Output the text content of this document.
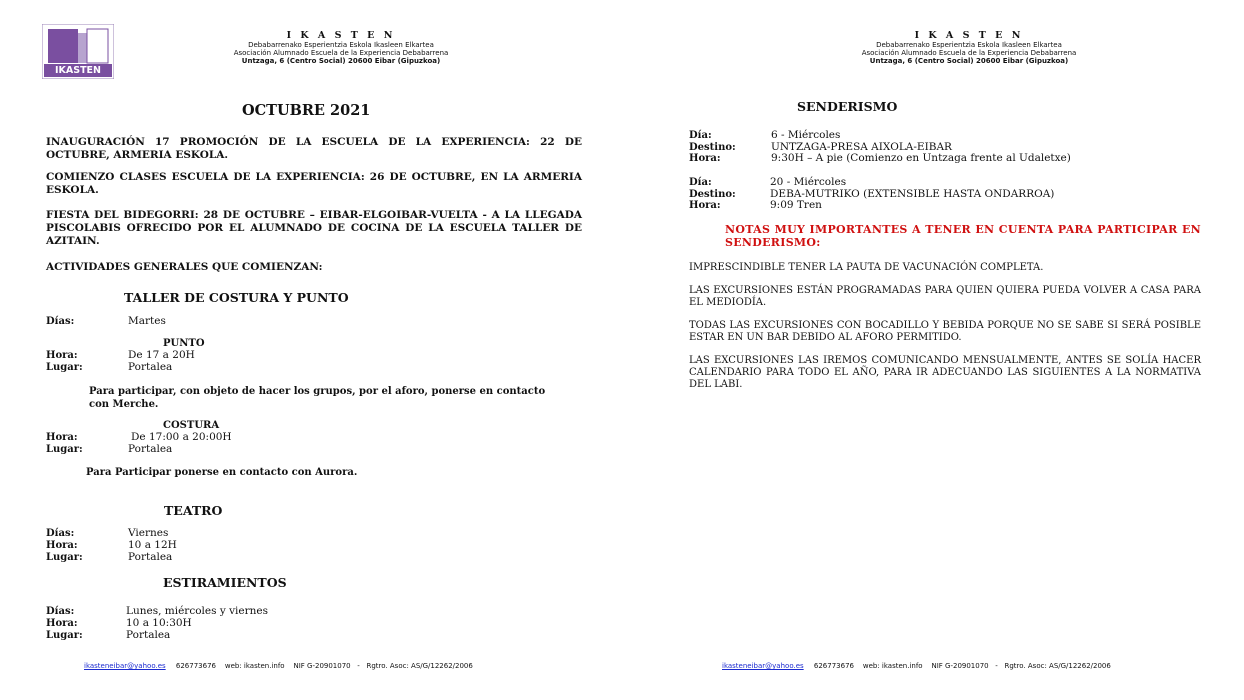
IKASTEN
I K A S T E N
Debabarrenako Esperientzia Eskola Ikasleen Elkartea
Asociación Alumnado Escuela de la Experiencia Debabarrena
Untzaga, 6 (Centro Social) 20600 Eibar (Gipuzkoa)
I K A S T E N
Debabarrenako Esperientzia Eskola Ikasleen Elkartea
Asociación Alumnado Escuela de la Experiencia Debabarrena
Untzaga, 6 (Centro Social) 20600 Eibar (Gipuzkoa)
OCTUBRE 2021
INAUGURACIÓN 17 PROMOCIÓN DE LA ESCUELA DE LA EXPERIENCIA: 22 DE OCTUBRE, ARMERIA ESKOLA.
COMIENZO CLASES ESCUELA DE LA EXPERIENCIA: 26 DE OCTUBRE, EN LA ARMERIA ESKOLA.
FIESTA DEL BIDEGORRI: 28 DE OCTUBRE – EIBAR-ELGOIBAR-VUELTA - A LA LLEGADA PISCOLABIS OFRECIDO POR EL ALUMNADO DE COCINA DE LA ESCUELA TALLER DE AZITAIN.
ACTIVIDADES GENERALES QUE COMIENZAN:
TALLER DE COSTURA Y PUNTO
Días:	Martes
PUNTO
Hora:	De 17 a 20H
Lugar:	Portalea
Para participar, con objeto de hacer los grupos, por el aforo, ponerse en contacto con Merche.
COSTURA
Hora:	De 17:00 a 20:00H
Lugar:	Portalea
Para Participar ponerse en contacto con Aurora.
TEATRO
Días:	Viernes
Hora:	10 a 12H
Lugar:	Portalea
ESTIRAMIENTOS
Días:	Lunes, miércoles y viernes
Hora:	10 a 10:30H
Lugar:	Portalea
ikasteneibar@yahoo.es 626773676    web: ikasten.info    NIF G-20901070   -   Rgtro. Asoc: AS/G/12262/2006
SENDERISMO
Día:	6 - Miércoles
Destino:	UNTZAGA-PRESA AIXOLA-EIBAR
Hora:	9:30H – A pie (Comienzo en Untzaga frente al Udaletxe)
Día:	20 - Miércoles
Destino:	DEBA-MUTRIKO (EXTENSIBLE HASTA ONDARROA)
Hora:	9:09 Tren
NOTAS MUY IMPORTANTES A TENER EN CUENTA PARA PARTICIPAR EN SENDERISMO:
IMPRESCINDIBLE TENER LA PAUTA DE VACUNACIÓN COMPLETA.
LAS EXCURSIONES ESTÁN PROGRAMADAS PARA QUIEN QUIERA PUEDA VOLVER A CASA PARA EL MEDIODÍA.
TODAS LAS EXCURSIONES CON BOCADILLO Y BEBIDA PORQUE NO SE SABE SI SERÁ POSIBLE ESTAR EN UN BAR DEBIDO AL AFORO PERMITIDO.
LAS EXCURSIONES LAS IREMOS COMUNICANDO MENSUALMENTE, ANTES SE SOLÍA HACER CALENDARIO PARA TODO EL AÑO, PARA IR ADECUANDO LAS SIGUIENTES A LA NORMATIVA DEL LABI.
ikasteneibar@yahoo.es 626773676    web: ikasten.info    NIF G-20901070   -   Rgtro. Asoc: AS/G/12262/2006
